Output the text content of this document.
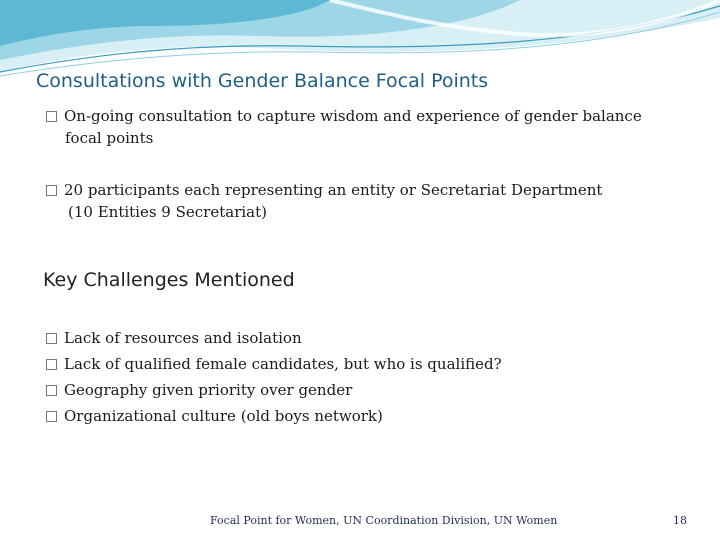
Consultations with Gender Balance Focal Points
On-going consultation to capture wisdom and experience of gender balance
focal points
20 participants each representing an entity or Secretariat Department
(10 Entities 9 Secretariat)
Key Challenges Mentioned
Lack of resources and isolation
Lack of qualified female candidates, but who is qualified?
Geography given priority over gender
Organizational culture (old boys network)
Focal Point for Women, UN Coordination Division, UN Women	18
